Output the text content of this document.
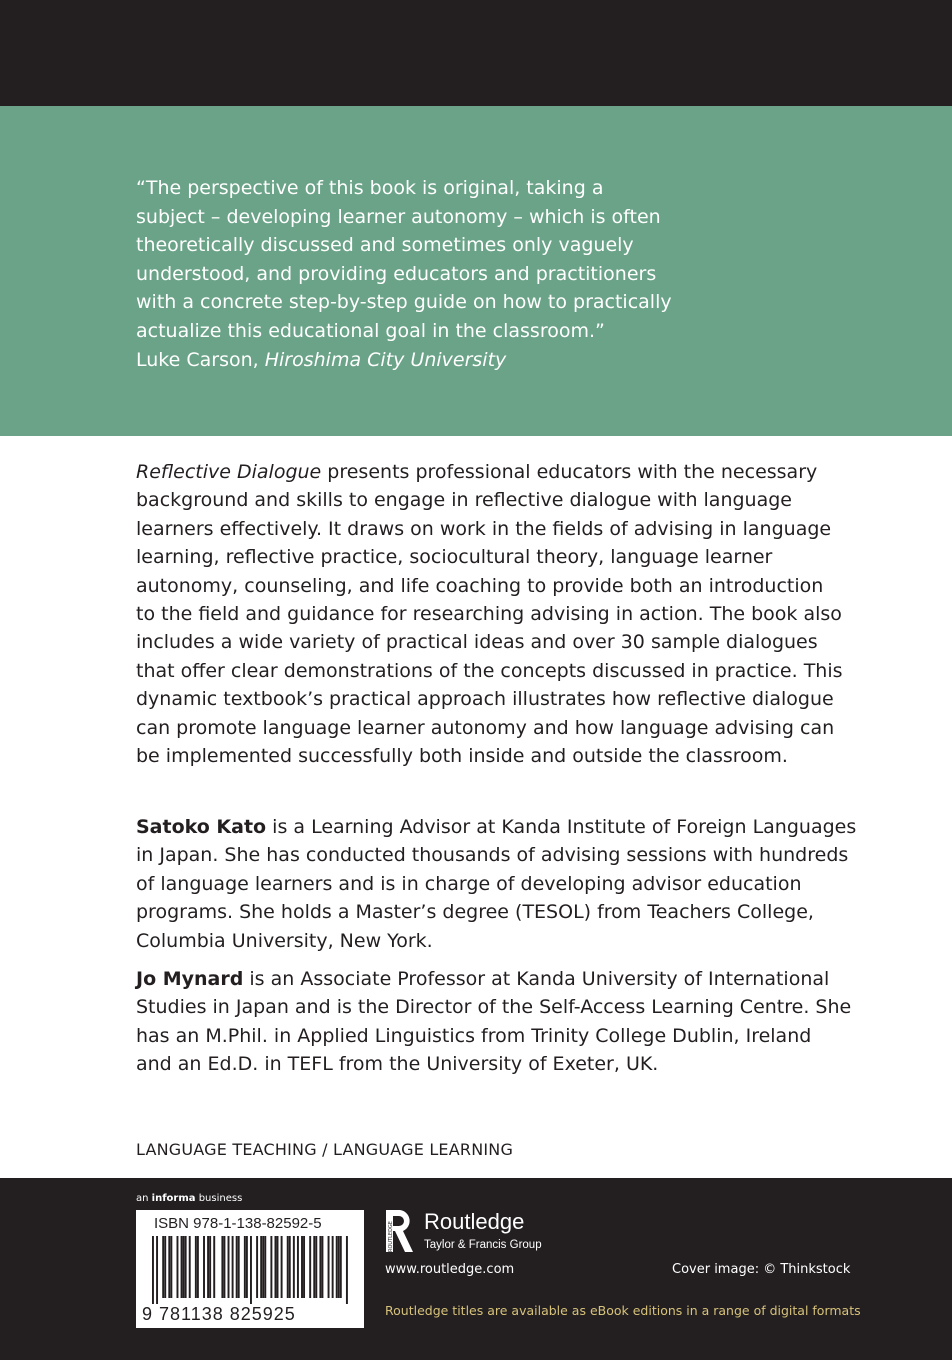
“The perspective of this book is original, taking a
subject – developing learner autonomy – which is often
theoretically discussed and sometimes only vaguely
understood, and providing educators and practitioners
with a concrete step-by-step guide on how to practically
actualize this educational goal in the classroom.”
Luke Carson, Hiroshima City University
Reflective Dialogue presents professional educators with the necessary
background and skills to engage in reflective dialogue with language
learners effectively. It draws on work in the fields of advising in language
learning, reflective practice, sociocultural theory, language learner
autonomy, counseling, and life coaching to provide both an introduction
to the field and guidance for researching advising in action. The book also
includes a wide variety of practical ideas and over 30 sample dialogues
that offer clear demonstrations of the concepts discussed in practice. This
dynamic textbook’s practical approach illustrates how reflective dialogue
can promote language learner autonomy and how language advising can
be implemented successfully both inside and outside the classroom.
Satoko Kato is a Learning Advisor at Kanda Institute of Foreign Languages
in Japan. She has conducted thousands of advising sessions with hundreds
of language learners and is in charge of developing advisor education
programs. She holds a Master’s degree (TESOL) from Teachers College,
Columbia University, New York.
Jo Mynard is an Associate Professor at Kanda University of International
Studies in Japan and is the Director of the Self-Access Learning Centre. She
has an M.Phil. in Applied Linguistics from Trinity College Dublin, Ireland
and an Ed.D. in TEFL from the University of Exeter, UK.
LANGUAGE TEACHING / LANGUAGE LEARNING
an informa business
ISBN 978-1-138-82592-5
9 781138 825925
ROUTLEDGE Routledge
Taylor & Francis Group
www.routledge.com	Cover image: © Thinkstock
Routledge titles are available as eBook editions in a range of digital formats
